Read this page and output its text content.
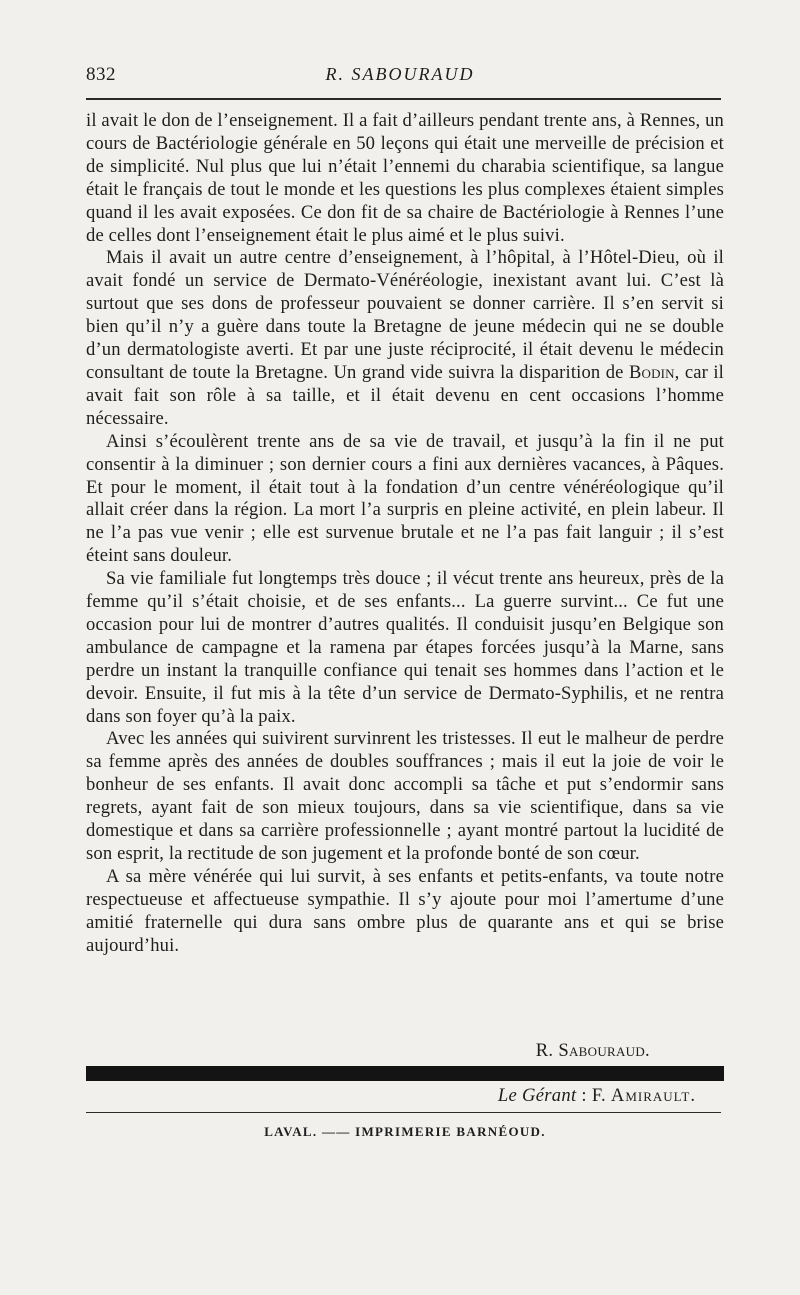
832	R. SABOURAUD

il avait le don de l’enseignement. Il a fait d’ailleurs pendant trente ans, à Rennes, un cours de Bactériologie générale en 50 leçons qui était une merveille de précision et de simplicité. Nul plus que lui n’était l’ennemi du charabia scientifique, sa langue était le français de tout le monde et les questions les plus complexes étaient simples quand il les avait exposées. Ce don fit de sa chaire de Bactériologie à Rennes l’une de celles dont l’enseignement était le plus aimé et le plus suivi.

Mais il avait un autre centre d’enseignement, à l’hôpital, à l’Hôtel-Dieu, où il avait fondé un service de Dermato-Vénéréologie, inexistant avant lui. C’est là surtout que ses dons de professeur pouvaient se donner carrière. Il s’en servit si bien qu’il n’y a guère dans toute la Bretagne de jeune médecin qui ne se double d’un dermatologiste averti. Et par une juste réciprocité, il était devenu le médecin consultant de toute la Bretagne. Un grand vide suivra la disparition de Bodin, car il avait fait son rôle à sa taille, et il était devenu en cent occasions l’homme nécessaire.

Ainsi s’écoulèrent trente ans de sa vie de travail, et jusqu’à la fin il ne put consentir à la diminuer ; son dernier cours a fini aux dernières vacances, à Pâques. Et pour le moment, il était tout à la fondation d’un centre vénéréologique qu’il allait créer dans la région. La mort l’a surpris en pleine activité, en plein labeur. Il ne l’a pas vue venir ; elle est survenue brutale et ne l’a pas fait languir ; il s’est éteint sans douleur.

Sa vie familiale fut longtemps très douce ; il vécut trente ans heureux, près de la femme qu’il s’était choisie, et de ses enfants... La guerre survint... Ce fut une occasion pour lui de montrer d’autres qualités. Il conduisit jusqu’en Belgique son ambulance de campagne et la ramena par étapes forcées jusqu’à la Marne, sans perdre un instant la tranquille confiance qui tenait ses hommes dans l’action et le devoir. Ensuite, il fut mis à la tête d’un service de Dermato-Syphilis, et ne rentra dans son foyer qu’à la paix.

Avec les années qui suivirent survinrent les tristesses. Il eut le malheur de perdre sa femme après des années de doubles souffrances ; mais il eut la joie de voir le bonheur de ses enfants. Il avait donc accompli sa tâche et put s’endormir sans regrets, ayant fait de son mieux toujours, dans sa vie scientifique, dans sa vie domestique et dans sa carrière professionnelle ; ayant montré partout la lucidité de son esprit, la rectitude de son jugement et la profonde bonté de son cœur.

A sa mère vénérée qui lui survit, à ses enfants et petits-enfants, va toute notre respectueuse et affectueuse sympathie. Il s’y ajoute pour moi l’amertume d’une amitié fraternelle qui dura sans ombre plus de quarante ans et qui se brise aujourd’hui.

R. Sabouraud.
Le Gérant : F. Amirault.
LAVAL. —— IMPRIMERIE BARNÉOUD.
